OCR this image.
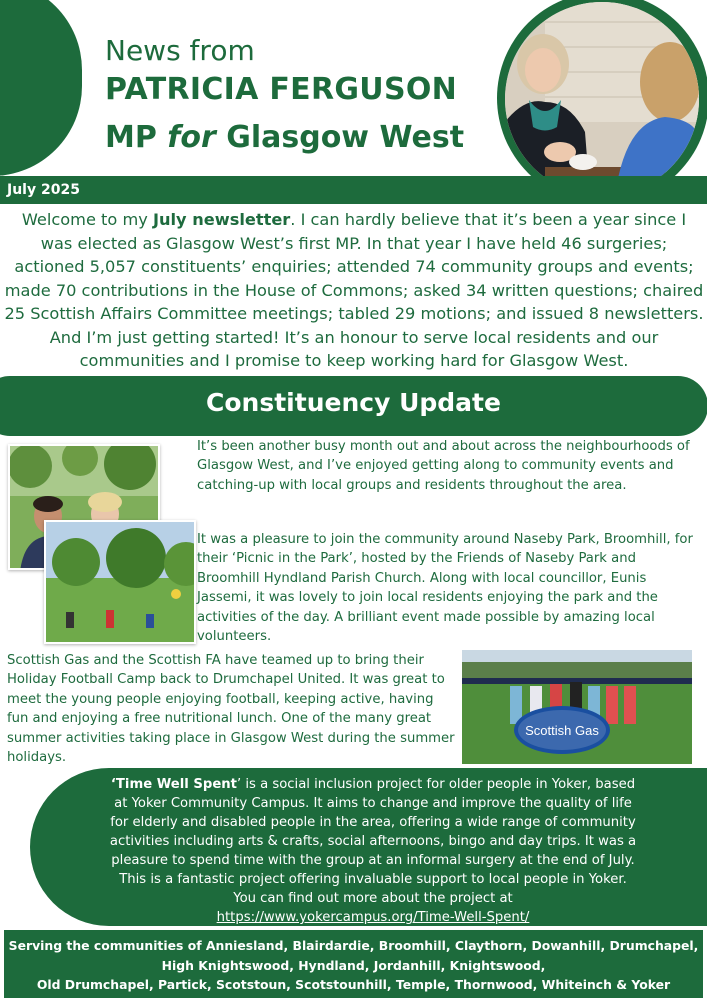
News from
PATRICIA FERGUSON
MP for Glasgow West
July 2025

Welcome to my July newsletter. I can hardly believe that it’s been a year since I was elected as Glasgow West’s first MP. In that year I have held 46 surgeries; actioned 5,057 constituents’ enquiries; attended 74 community groups and events; made 70 contributions in the House of Commons; asked 34 written questions; chaired 25 Scottish Affairs Committee meetings; tabled 29 motions; and issued 8 newsletters. And I’m just getting started! It’s an honour to serve local residents and our communities and I promise to keep working hard for Glasgow West.

Constituency Update

It’s been another busy month out and about across the neighbourhoods of Glasgow West, and I’ve enjoyed getting along to community events and catching-up with local groups and residents throughout the area.

It was a pleasure to join the community around Naseby Park, Broomhill, for their ‘Picnic in the Park’, hosted by the Friends of Naseby Park and Broomhill Hyndland Parish Church. Along with local councillor, Eunis Jassemi, it was lovely to join local residents enjoying the park and the activities of the day. A brilliant event made possible by amazing local volunteers.

Scottish Gas and the Scottish FA have teamed up to bring their Holiday Football Camp back to Drumchapel United. It was great to meet the young people enjoying football, keeping active, having fun and enjoying a free nutritional lunch. One of the many great summer activities taking place in Glasgow West during the summer holidays.

Scottish Gas

‘Time Well Spent’ is a social inclusion project for older people in Yoker, based at Yoker Community Campus. It aims to change and improve the quality of life for elderly and disabled people in the area, offering a wide range of community activities including arts & crafts, social afternoons, bingo and day trips. It was a pleasure to spend time with the group at an informal surgery at the end of July. This is a fantastic project offering invaluable support to local people in Yoker. You can find out more about the project at
https://www.yokercampus.org/Time-Well-Spent/

Serving the communities of Anniesland, Blairdardie, Broomhill, Claythorn, Dowanhill, Drumchapel,
High Knightswood, Hyndland, Jordanhill, Knightswood,
Old Drumchapel, Partick, Scotstoun, Scotstounhill, Temple, Thornwood, Whiteinch & Yoker
